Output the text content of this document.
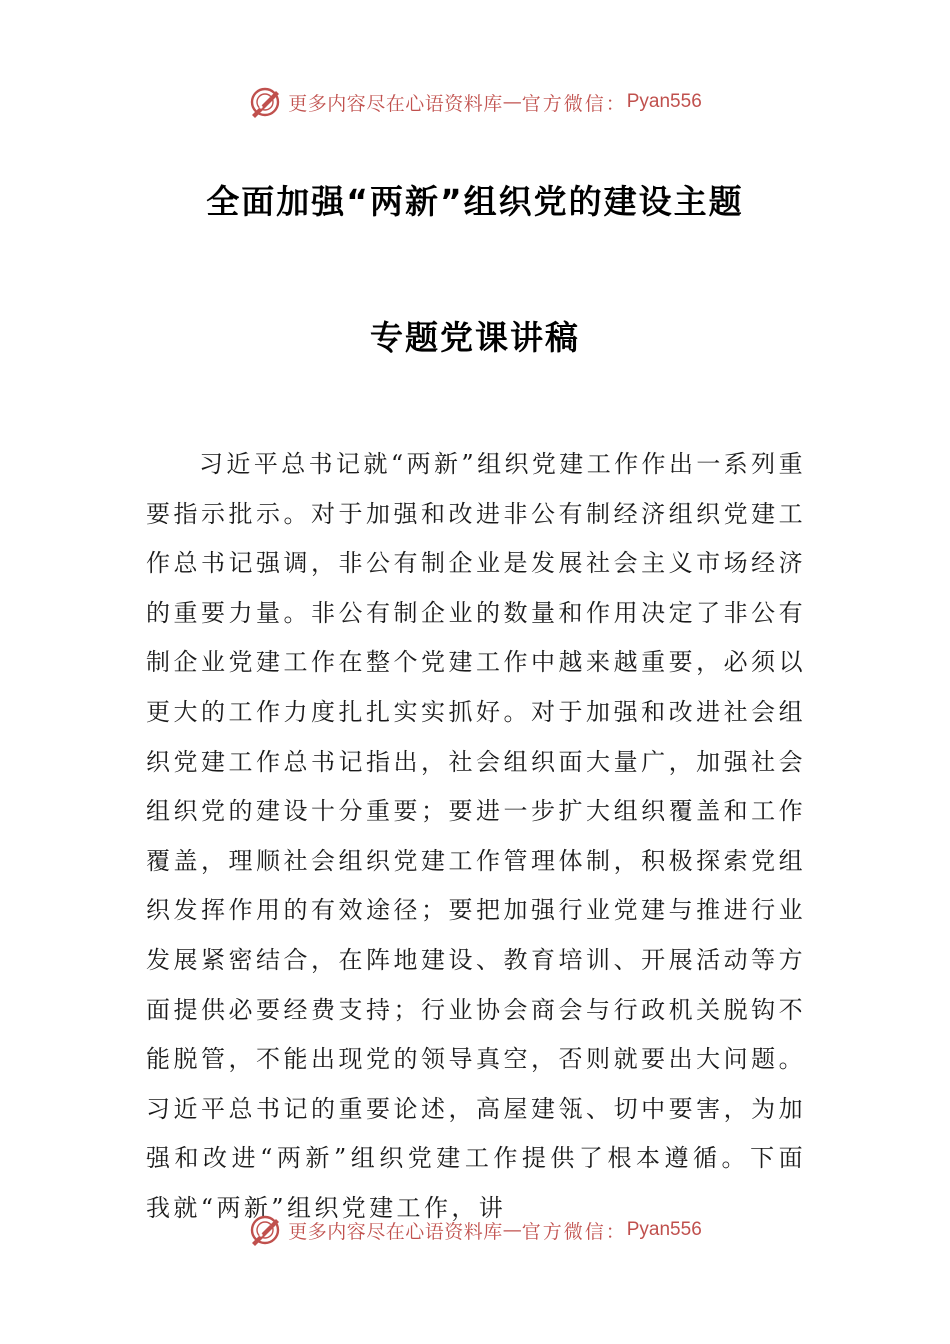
更多内容尽在心语资料库 — 官方微信： Pyan556
全面加强“两新”组织党的建设主题
专题党课讲稿

习近平总书记就“两新”组织党建工作作出一系列重要指示批示。对于加强和改进非公有制经济组织党建工作总书记强调，非公有制企业是发展社会主义市场经济的重要力量。非公有制企业的数量和作用决定了非公有制企业党建工作在整个党建工作中越来越重要，必须以更大的工作力度扎扎实实抓好。对于加强和改进社会组织党建工作总书记指出，社会组织面大量广，加强社会组织党的建设十分重要；要进一步扩大组织覆盖和工作覆盖，理顺社会组织党建工作管理体制，积极探索党组织发挥作用的有效途径；要把加强行业党建与推进行业发展紧密结合，在阵地建设、教育培训、开展活动等方面提供必要经费支持；行业协会商会与行政机关脱钩不能脱管，不能出现党的领导真空，否则就要出大问题。习近平总书记的重要论述，高屋建瓴、切中要害，为加强和改进“两新”组织党建工作提供了根本遵循。下面我就“两新”组织党建工作，讲

更多内容尽在心语资料库 — 官方微信： Pyan556
